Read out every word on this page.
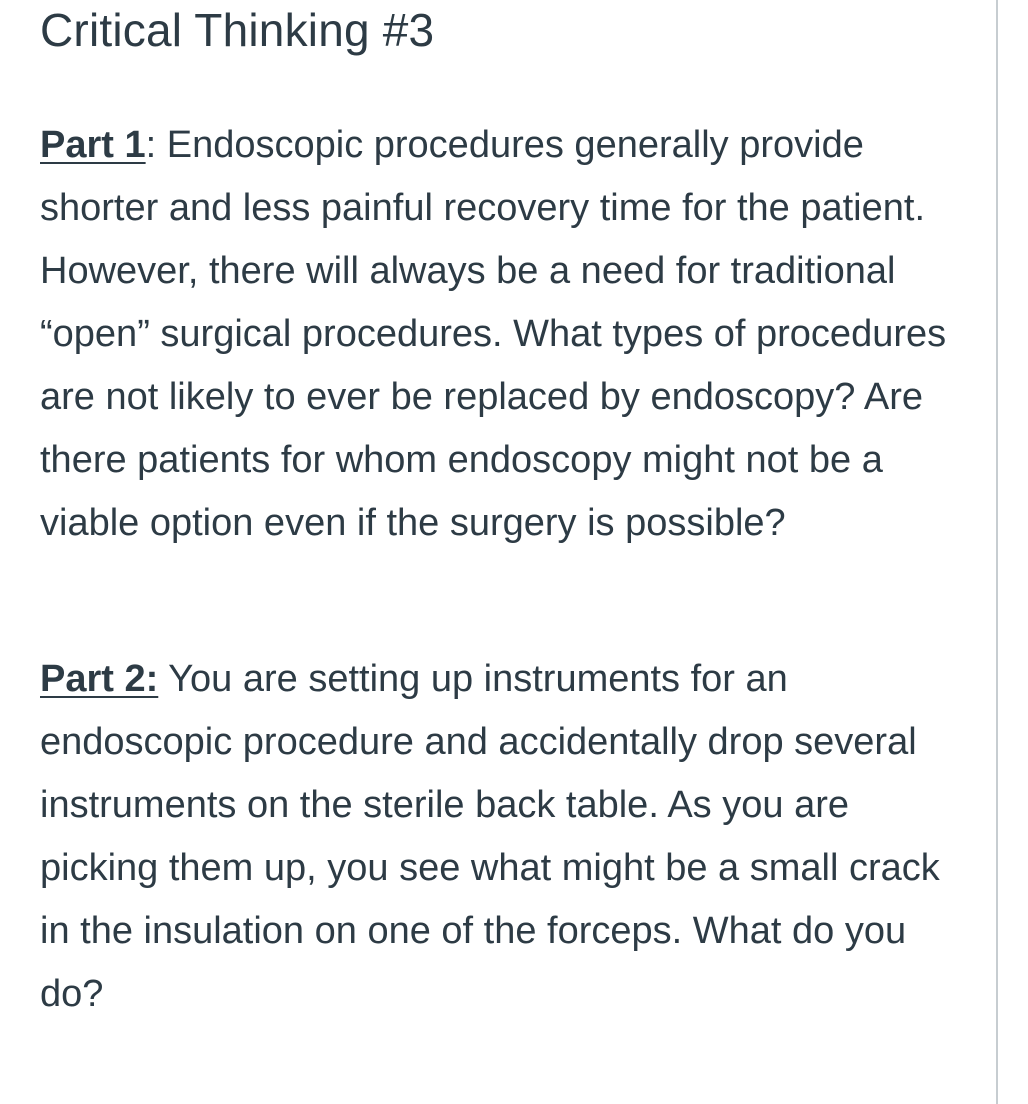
Critical Thinking #3

Part 1: Endoscopic procedures generally provide shorter and less painful recovery time for the patient. However, there will always be a need for traditional “open” surgical procedures. What types of procedures are not likely to ever be replaced by endoscopy? Are there patients for whom endoscopy might not be a viable option even if the surgery is possible?

Part 2: You are setting up instruments for an endoscopic procedure and accidentally drop several instruments on the sterile back table. As you are picking them up, you see what might be a small crack in the insulation on one of the forceps. What do you do?
